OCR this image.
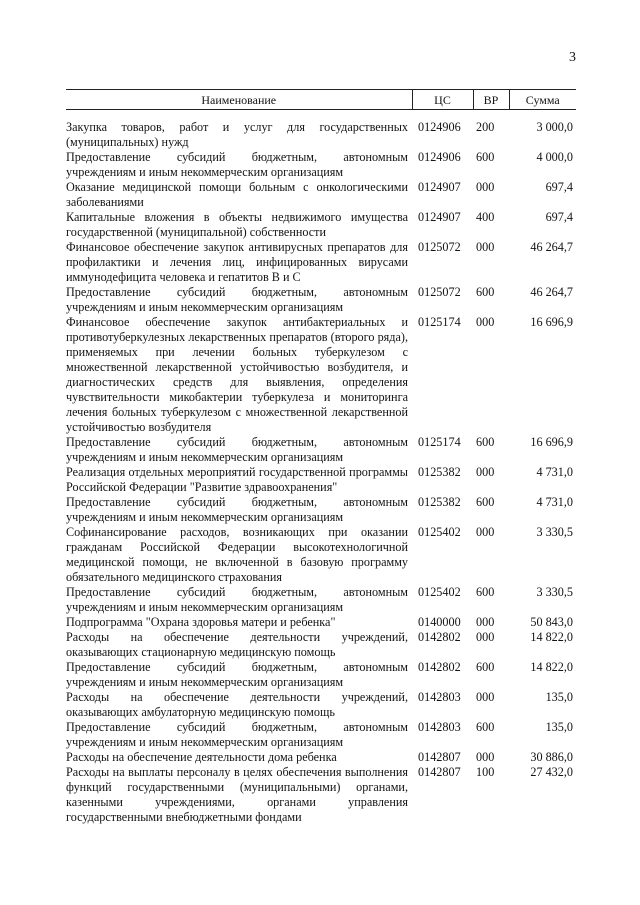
3
Наименование	ЦС	ВР	Сумма
Закупка товаров, работ и услуг для государственных (муниципальных) нужд	0124906	200	3 000,0
Предоставление субсидий бюджетным, автономным учреждениям и иным некоммерческим организациям	0124906	600	4 000,0
Оказание медицинской помощи больным с онкологическими заболеваниями	0124907	000	697,4
Капитальные вложения в объекты недвижимого имущества государственной (муниципальной) собственности	0124907	400	697,4
Финансовое обеспечение закупок антивирусных препаратов для профилактики и лечения лиц, инфицированных вирусами иммунодефицита человека и гепатитов В и С	0125072	000	46 264,7
Предоставление субсидий бюджетным, автономным учреждениям и иным некоммерческим организациям	0125072	600	46 264,7
Финансовое обеспечение закупок антибактериальных и противотуберкулезных лекарственных препаратов (второго ряда), применяемых при лечении больных туберкулезом с множественной лекарственной устойчивостью возбудителя, и диагностических средств для выявления, определения чувствительности микобактерии туберкулеза и мониторинга лечения больных туберкулезом с множественной лекарственной устойчивостью возбудителя	0125174	000	16 696,9
Предоставление субсидий бюджетным, автономным учреждениям и иным некоммерческим организациям	0125174	600	16 696,9
Реализация отдельных мероприятий государственной программы Российской Федерации "Развитие здравоохранения"	0125382	000	4 731,0
Предоставление субсидий бюджетным, автономным учреждениям и иным некоммерческим организациям	0125382	600	4 731,0
Софинансирование расходов, возникающих при оказании гражданам Российской Федерации высокотехнологичной медицинской помощи, не включенной в базовую программу обязательного медицинского страхования	0125402	000	3 330,5
Предоставление субсидий бюджетным, автономным учреждениям и иным некоммерческим организациям	0125402	600	3 330,5
Подпрограмма "Охрана здоровья матери и ребенка"	0140000	000	50 843,0
Расходы на обеспечение деятельности учреждений, оказывающих стационарную медицинскую помощь	0142802	000	14 822,0
Предоставление субсидий бюджетным, автономным учреждениям и иным некоммерческим организациям	0142802	600	14 822,0
Расходы на обеспечение деятельности учреждений, оказывающих амбулаторную медицинскую помощь	0142803	000	135,0
Предоставление субсидий бюджетным, автономным учреждениям и иным некоммерческим организациям	0142803	600	135,0
Расходы на обеспечение деятельности дома ребенка	0142807	000	30 886,0
Расходы на выплаты персоналу в целях обеспечения выполнения функций государственными (муниципальными) органами, казенными учреждениями, органами управления государственными внебюджетными фондами	0142807	100	27 432,0
